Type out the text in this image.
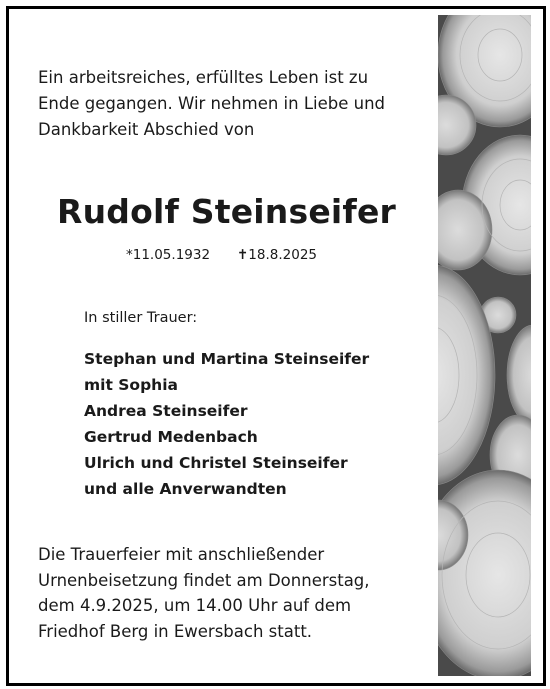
Ein arbeitsreiches, erfülltes Leben ist zu
Ende gegangen. Wir nehmen in Liebe und
Dankbarkeit Abschied von

Rudolf Steinseifer
*11.05.1932 ✝18.8.2025
In stiller Trauer:
Stephan und Martina Steinseifer
mit Sophia
Andrea Steinseifer
Gertrud Medenbach
Ulrich und Christel Steinseifer
und alle Anverwandten

Die Trauerfeier mit anschließender
Urnenbeisetzung findet am Donnerstag,
dem 4.9.2025, um 14.00 Uhr auf dem
Friedhof Berg in Ewersbach statt.
